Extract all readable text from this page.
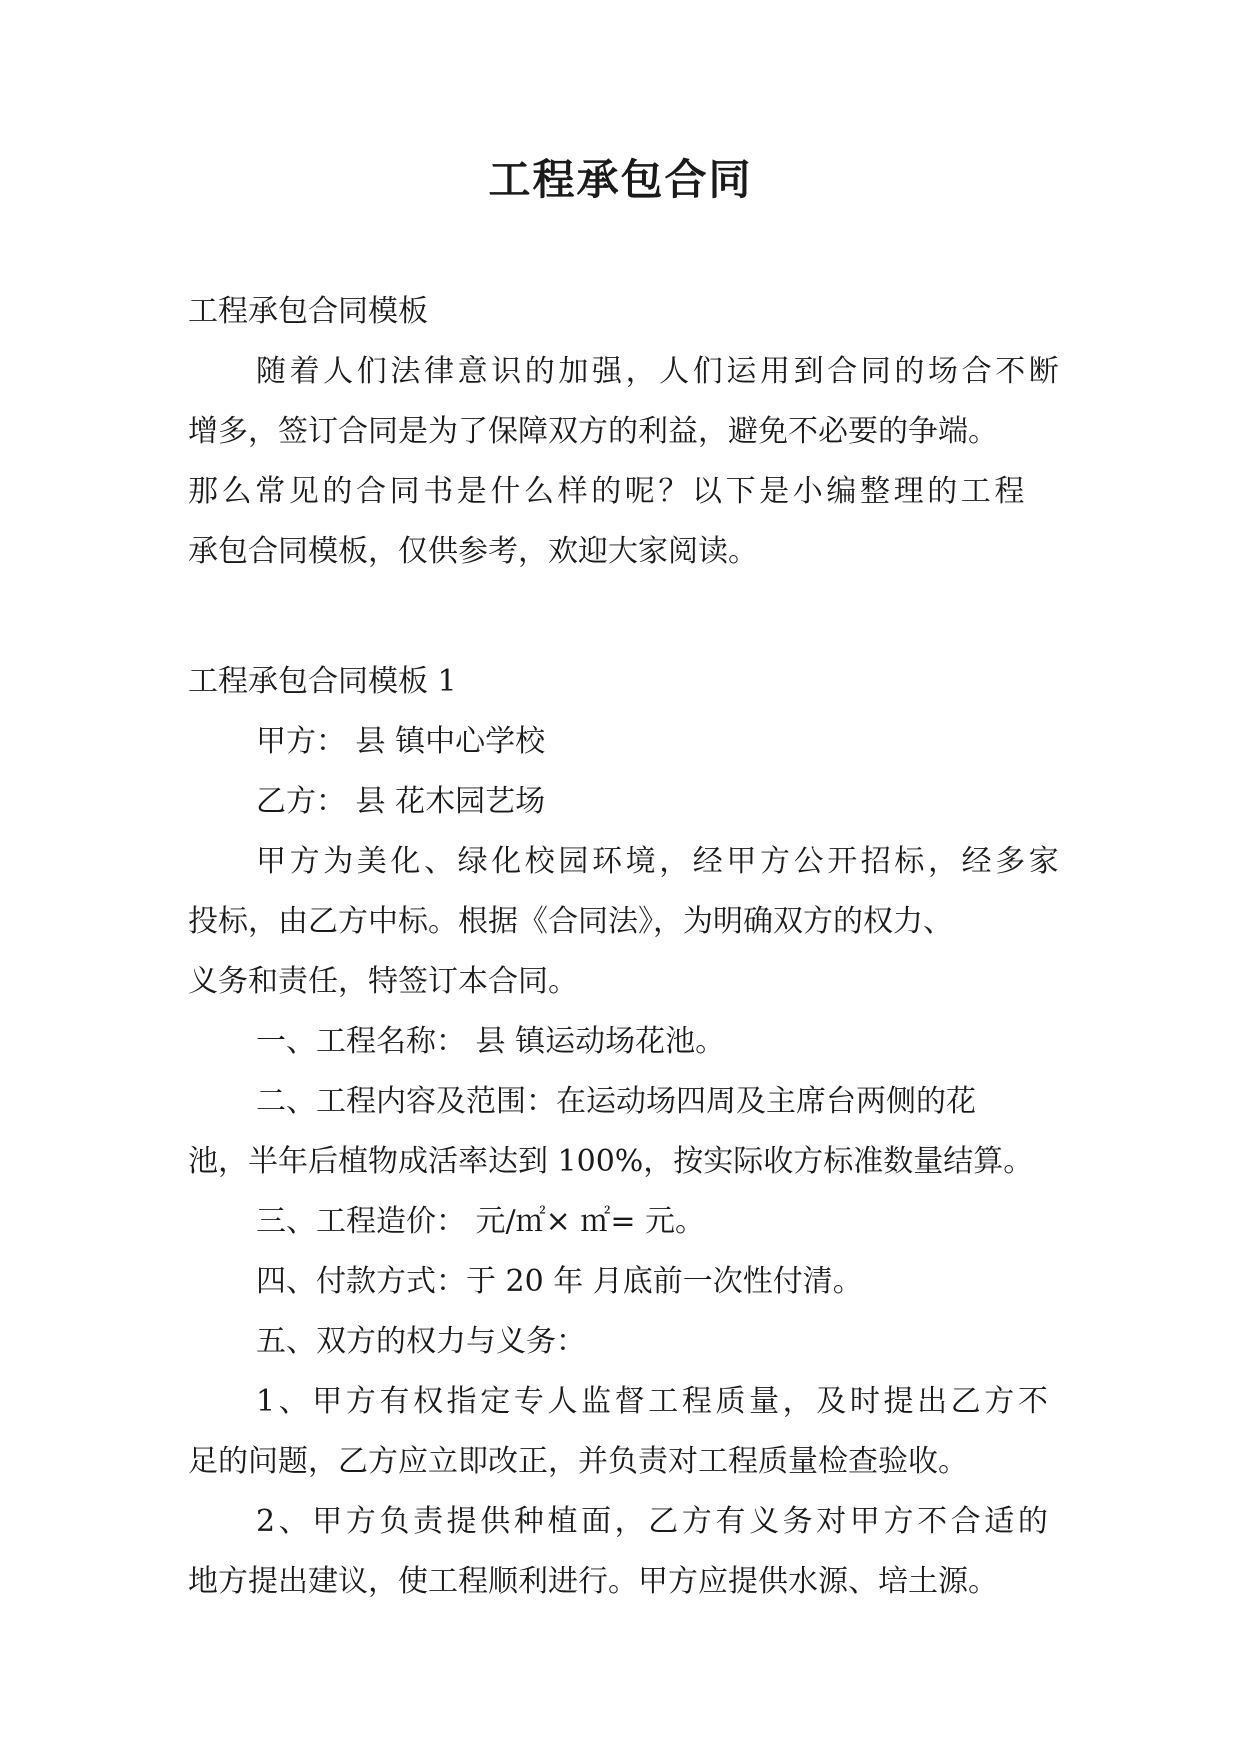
工程承包合同

工程承包合同模板

随着人们法律意识的加强，人们运用到合同的场合不断

增多，签订合同是为了保障双方的利益，避免不必要的争端。

那么常见的合同书是什么样的呢？以下是小编整理的工程

承包合同模板，仅供参考，欢迎大家阅读。

工程承包合同模板 1

甲方： 县 镇中心学校

乙方： 县 花木园艺场

甲方为美化、绿化校园环境，经甲方公开招标，经多家

投标，由乙方中标。根据《合同法》，为明确双方的权力、

义务和责任，特签订本合同。

一、工程名称： 县 镇运动场花池。

二、工程内容及范围：在运动场四周及主席台两侧的花

池，半年后植物成活率达到 100%，按实际收方标准数量结算。

三、工程造价： 元/㎡× ㎡= 元。

四、付款方式：于 20 年 月底前一次性付清。

五、双方的权力与义务：

1、甲方有权指定专人监督工程质量，及时提出乙方不

足的问题，乙方应立即改正，并负责对工程质量检查验收。

2、甲方负责提供种植面，乙方有义务对甲方不合适的

地方提出建议，使工程顺利进行。甲方应提供水源、培土源。
